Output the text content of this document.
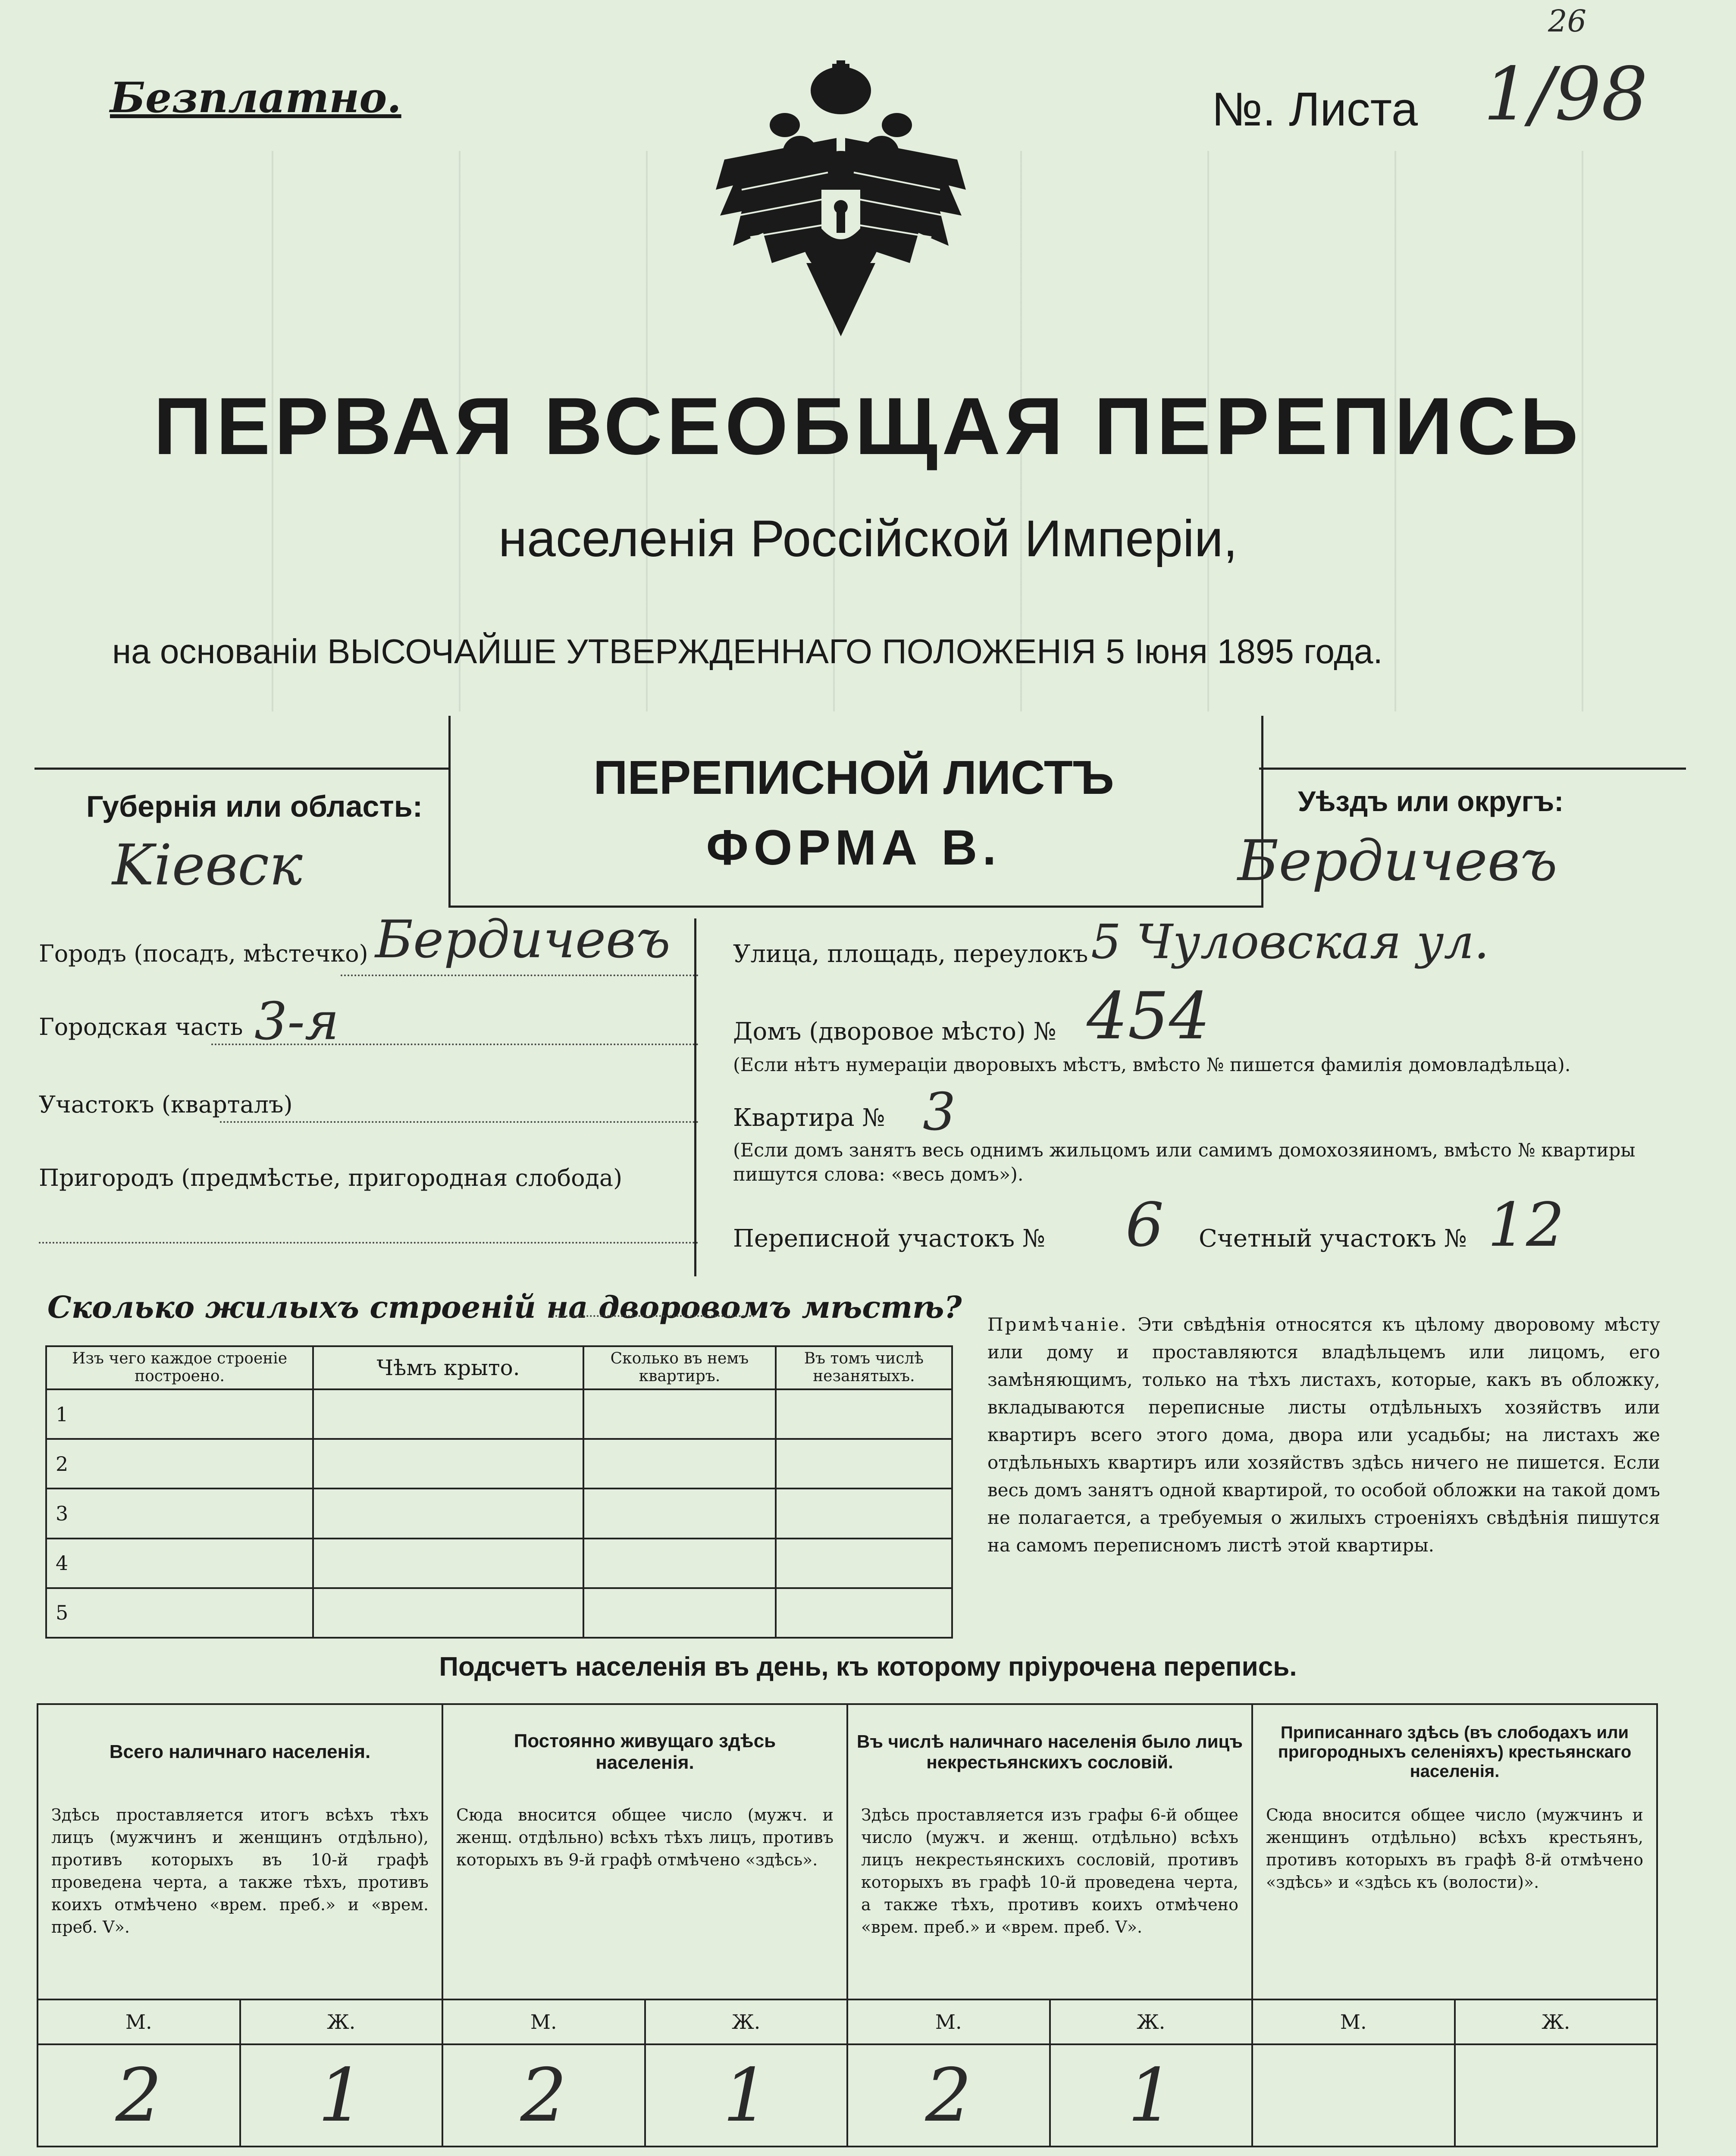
26
Безплатно.	№. Листа 1/98
ПЕРВАЯ ВСЕОБЩАЯ ПЕРЕПИСЬ
населенія Россійской Имперіи,
на основаніи ВЫСОЧАЙШЕ УТВЕРЖДЕННАГО ПОЛОЖЕНІЯ 5 Іюня 1895 года.
Губернія или область:
Kiевск
ПЕРЕПИСНОЙ ЛИСТЪ
ФОРМА В.
Уѣздъ или округъ:
Бердичевъ
Городъ (посадъ, мѣстечко) Бердичевъ
Городская часть 3-я
Участокъ (кварталъ)
Пригородъ (предмѣстье, пригородная слобода)
Улица, площадь, переулокъ 5 Чуловская ул.
Домъ (дворовое мѣсто) № 454
(Если нѣтъ нумераціи дворовыхъ мѣстъ, вмѣсто № пишется фамилія домовладѣльца).
Квартира № 3
(Если домъ занятъ весь однимъ жильцомъ или самимъ домохозяиномъ, вмѣсто № квартиры пишутся слова: «весь домъ»).
Переписной участокъ № 6 Счетный участокъ № 12
Сколько жилыхъ строеній на дворовомъ мѣстѣ?
Изъ чего каждое строеніе построено.	Чѣмъ крыто.	Сколько въ немъ квартиръ.	Въ томъ числѣ незанятыхъ.
1			
2			
3			
4			
5			
Примѣчаніе. Эти свѣдѣнія относятся къ цѣлому дворовому мѣсту или дому и проставляются владѣльцемъ или лицомъ, его замѣняющимъ, только на тѣхъ листахъ, которые, какъ въ обложку, вкладываются переписные листы отдѣльныхъ хозяйствъ или квартиръ всего этого дома, двора или усадьбы; на листахъ же отдѣльныхъ квартиръ или хозяйствъ здѣсь ничего не пишется. Если весь домъ занятъ одной квартирой, то особой обложки на такой домъ не полагается, а требуемыя о жилыхъ строеніяхъ свѣдѣнія пишутся на самомъ переписномъ листѣ этой квартиры.
Подсчетъ населенія въ день, къ которому пріурочена перепись.
Всего наличнаго населенія.		Постоянно живущаго здѣсь населенія.		Въ числѣ наличнаго населенія было лицъ некрестьянскихъ сословій.		Приписаннаго здѣсь (въ слободахъ или пригородныхъ селеніяхъ) крестьянскаго населенія.	
Здѣсь проставляется итогъ всѣхъ тѣхъ лицъ (мужчинъ и женщинъ отдѣльно), противъ которыхъ въ 10-й графѣ проведена черта, а также тѣхъ, противъ коихъ отмѣчено «врем. преб.» и «врем. преб. V».		Сюда вносится общее число (мужч. и женщ. отдѣльно) всѣхъ тѣхъ лицъ, противъ которыхъ въ 9-й графѣ отмѣчено «здѣсь».		Здѣсь проставляется изъ графы 6-й общее число (мужч. и женщ. отдѣльно) всѣхъ лицъ некрестьянскихъ сословій, противъ которыхъ въ графѣ 10-й проведена черта, а также тѣхъ, противъ коихъ отмѣчено «врем. преб.» и «врем. преб. V».		Сюда вносится общее число (мужчинъ и женщинъ отдѣльно) всѣхъ крестьянъ, противъ которыхъ въ графѣ 8-й отмѣчено «здѣсь» и «здѣсь къ (волости)».	
М.	Ж.	М.	Ж.	М.	Ж.	М.	Ж.
2	1	2	1	2	1		
